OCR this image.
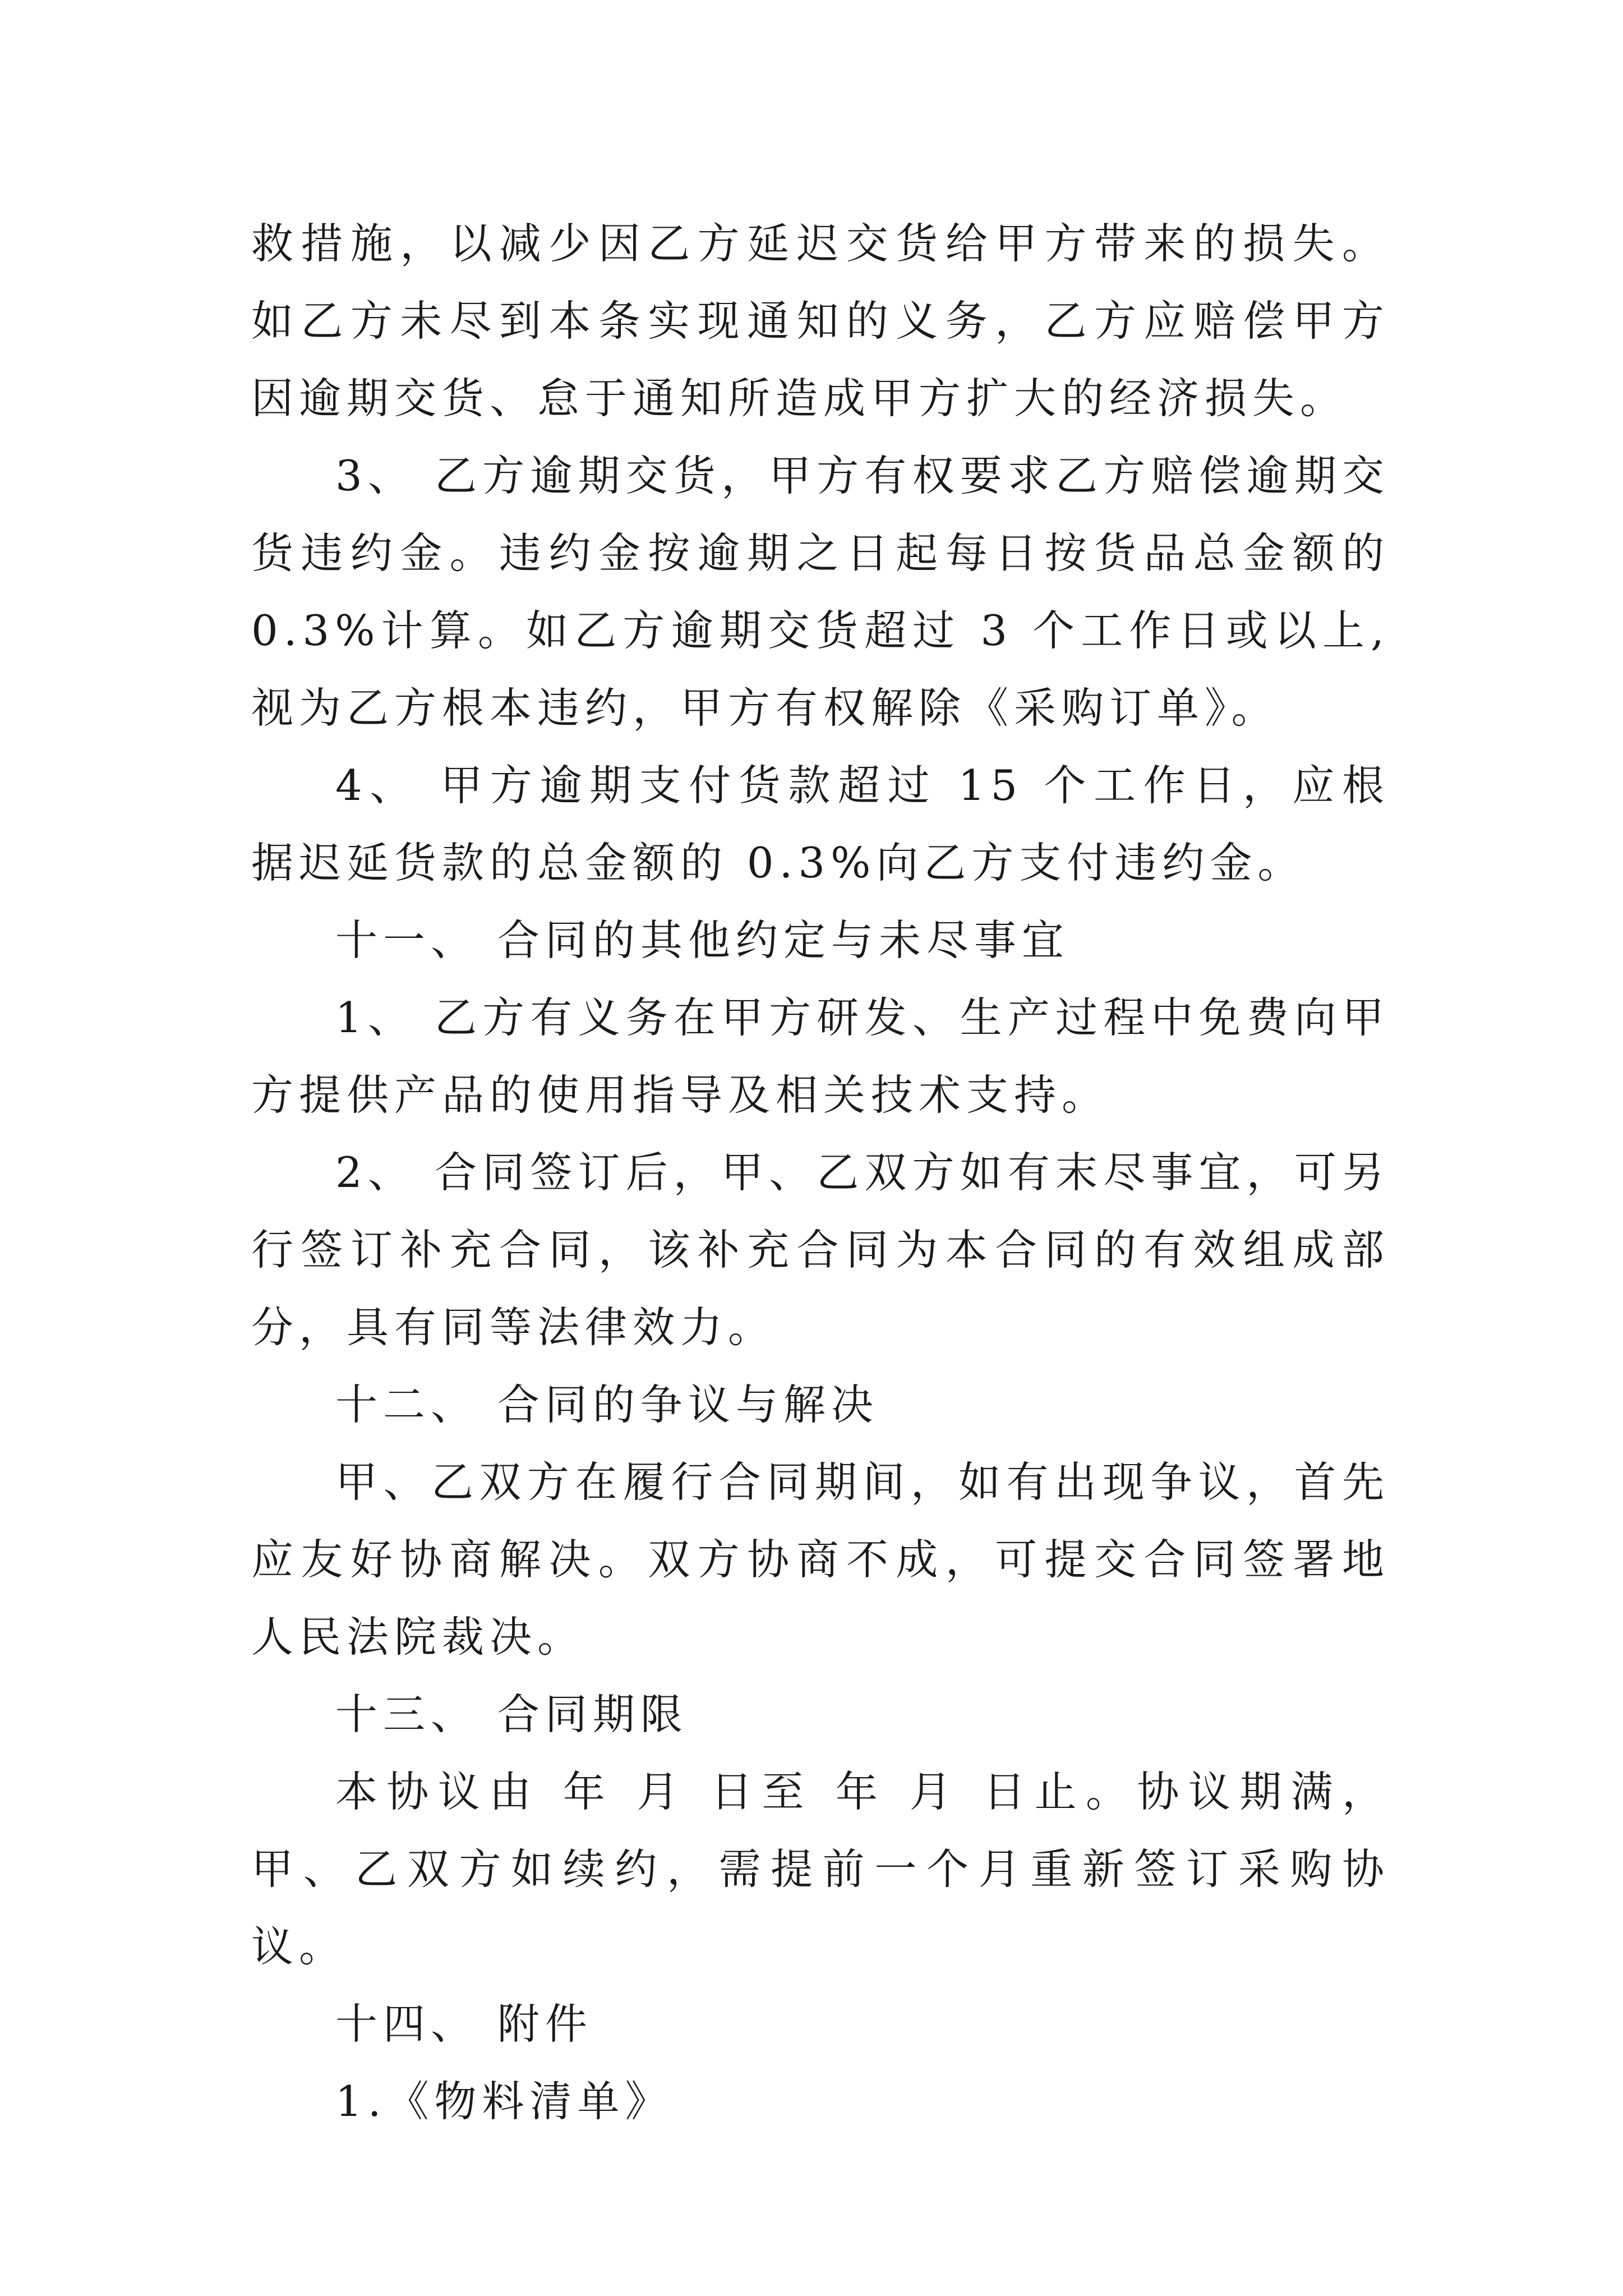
救措施，以减少因乙方延迟交货给甲方带来的损失。如乙方未尽到本条实现通知的义务，乙方应赔偿甲方因逾期交货、怠于通知所造成甲方扩大的经济损失。

3、 乙方逾期交货，甲方有权要求乙方赔偿逾期交货违约金。违约金按逾期之日起每日按货品总金额的 0.3%计算。如乙方逾期交货超过 3 个工作日或以上,视为乙方根本违约，甲方有权解除《采购订单》。

4、 甲方逾期支付货款超过 15 个工作日，应根据迟延货款的总金额的 0.3%向乙方支付违约金。

十一、 合同的其他约定与未尽事宜

1、 乙方有义务在甲方研发、生产过程中免费向甲方提供产品的使用指导及相关技术支持。

2、 合同签订后，甲、乙双方如有末尽事宜，可另行签订补充合同，该补充合同为本合同的有效组成部分，具有同等法律效力。

十二、 合同的争议与解决

甲、乙双方在履行合同期间，如有出现争议，首先应友好协商解决。双方协商不成，可提交合同签署地人民法院裁决。

十三、 合同期限

本协议由 年 月 日至 年 月 日止。协议期满，甲、乙双方如续约，需提前一个月重新签订采购协议。

十四、 附件

1.《物料清单》
